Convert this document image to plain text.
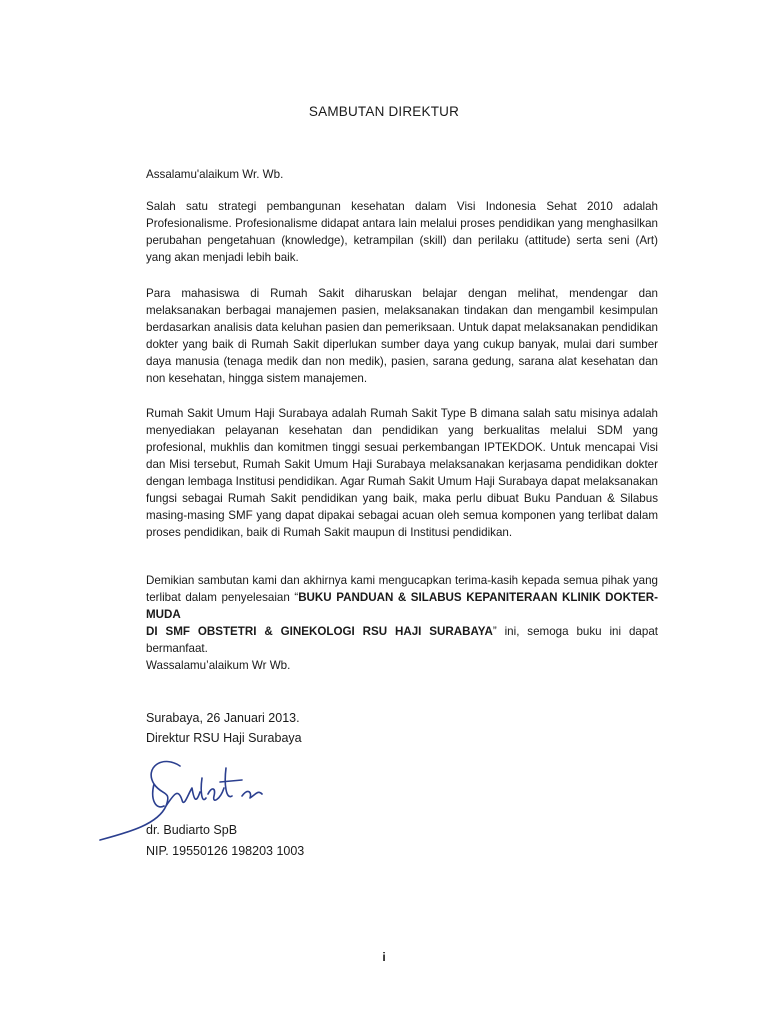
SAMBUTAN DIREKTUR
Assalamu'alaikum Wr. Wb.
Salah satu strategi pembangunan kesehatan dalam Visi Indonesia Sehat 2010 adalah Profesionalisme. Profesionalisme didapat antara lain melalui proses pendidikan yang menghasilkan perubahan pengetahuan (knowledge), ketrampilan (skill) dan perilaku (attitude) serta seni (Art) yang akan menjadi lebih baik.
Para mahasiswa di Rumah Sakit diharuskan belajar dengan melihat, mendengar dan melaksanakan berbagai manajemen pasien, melaksanakan tindakan dan mengambil kesimpulan berdasarkan analisis data keluhan pasien dan pemeriksaan. Untuk dapat melaksanakan pendidikan dokter yang baik di Rumah Sakit diperlukan sumber daya yang cukup banyak, mulai dari sumber daya manusia (tenaga medik dan non medik), pasien, sarana gedung, sarana alat kesehatan dan non kesehatan, hingga sistem manajemen.
Rumah Sakit Umum Haji Surabaya adalah Rumah Sakit Type B dimana salah satu misinya adalah menyediakan pelayanan kesehatan dan pendidikan yang berkualitas melalui SDM yang profesional, mukhlis dan komitmen tinggi sesuai perkembangan IPTEKDOK. Untuk mencapai Visi dan Misi tersebut, Rumah Sakit Umum Haji Surabaya melaksanakan kerjasama pendidikan dokter dengan lembaga Institusi pendidikan. Agar Rumah Sakit Umum Haji Surabaya dapat melaksanakan fungsi sebagai Rumah Sakit pendidikan yang baik, maka perlu dibuat Buku Panduan & Silabus masing-masing SMF yang dapat dipakai sebagai acuan oleh semua komponen yang terlibat dalam proses pendidikan, baik di Rumah Sakit maupun di Institusi pendidikan.
Demikian sambutan kami dan akhirnya kami mengucapkan terima-kasih kepada semua pihak yang terlibat dalam penyelesaian “BUKU PANDUAN & SILABUS KEPANITERAAN KLINIK DOKTER-MUDA
DI SMF OBSTETRI & GINEKOLOGI RSU HAJI SURABAYA” ini, semoga buku ini dapat bermanfaat.
Wassalamu’alaikum Wr Wb.
Surabaya, 26 Januari 2013.
Direktur RSU Haji Surabaya
dr. Budiarto SpB
NIP. 19550126 198203 1003
i
